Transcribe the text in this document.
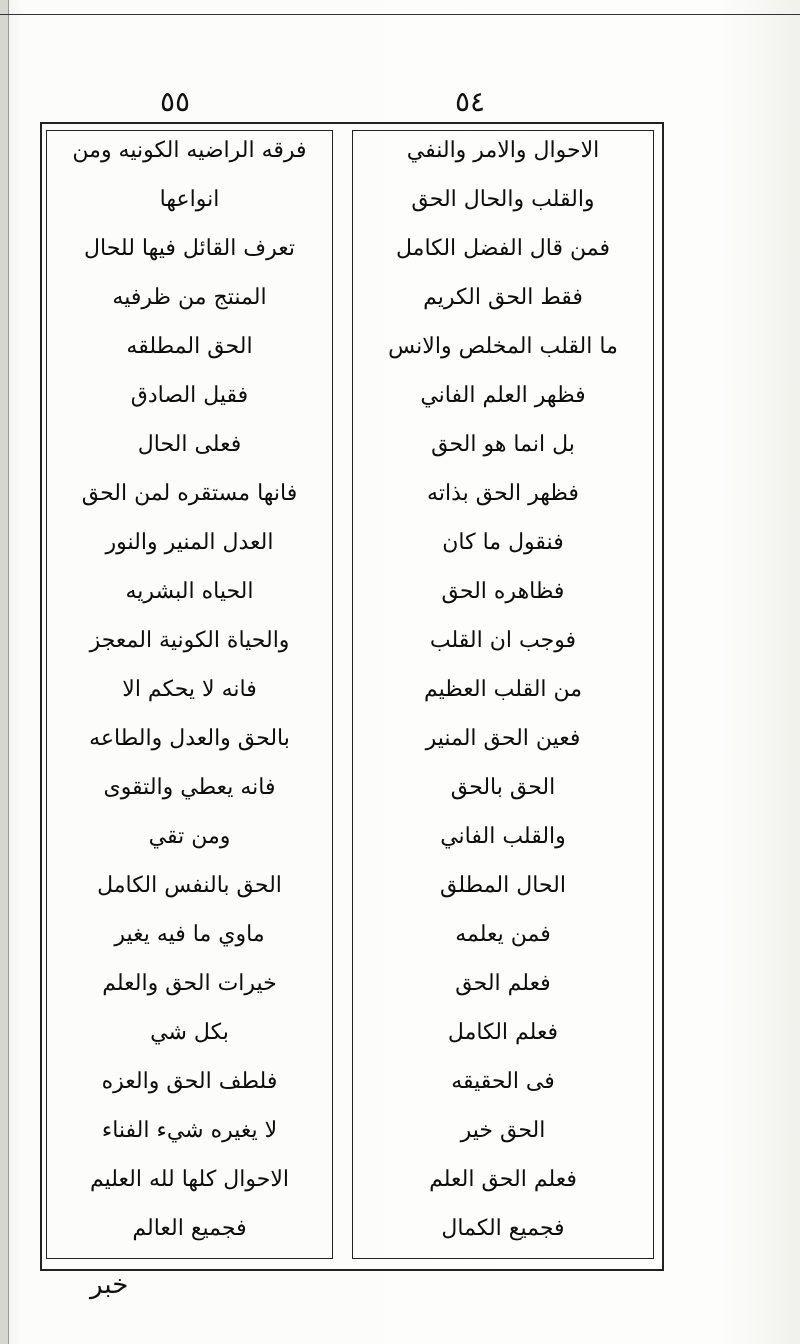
٥٥	٥٤
فرقه الراضيه الكونيه ومن
انواعها
تعرف القائل فيها للحال
المنتج من ظرفيه
الحق المطلقه
فقيل الصادق
فعلى الحال
فانها مستقره لمن الحق
العدل المنير والنور
الحياه البشريه
والحياة الكونية المعجز
فانه لا يحكم الا
بالحق والعدل والطاعه
فانه يعطي والتقوى
ومن تقي
الحق بالنفس الكامل
ماوي ما فيه يغير
خيرات الحق والعلم
بكل شي
فلطف الحق والعزه
لا يغيره شيء الفناء
الاحوال كلها لله العليم
فجميع العالم
الاحوال والامر والنفي
والقلب والحال الحق
فمن قال الفضل الكامل
فقط الحق الكريم
ما القلب المخلص والانس
فظهر العلم الفاني
بل انما هو الحق
فظهر الحق بذاته
فنقول ما كان
فظاهره الحق
فوجب ان القلب
من القلب العظيم
فعين الحق المنير
الحق بالحق
والقلب الفاني
الحال المطلق
فمن يعلمه
فعلم الحق
فعلم الكامل
فى الحقيقه
الحق خير
فعلم الحق العلم
فجميع الكمال
خبر
